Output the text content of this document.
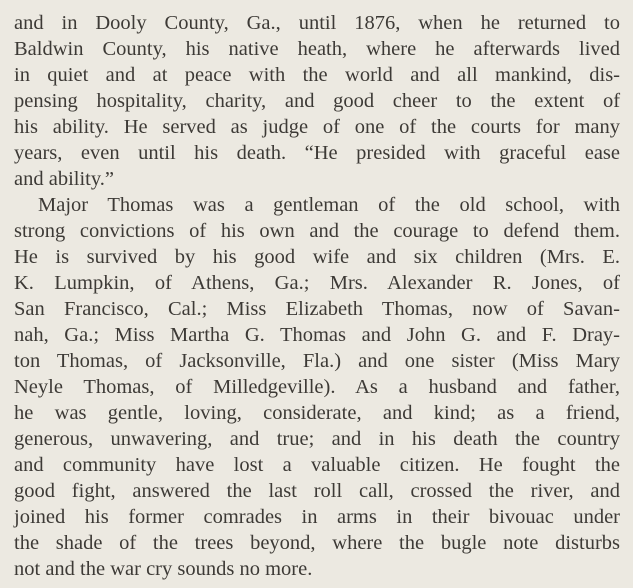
and in Dooly County, Ga., until 1876, when he returned to
Baldwin County, his native heath, where he afterwards lived
in quiet and at peace with the world and all mankind, dis-
pensing hospitality, charity, and good cheer to the extent of
his ability. He served as judge of one of the courts for many
years, even until his death. “He presided with graceful ease
and ability.”
Major Thomas was a gentleman of the old school, with
strong convictions of his own and the courage to defend them.
He is survived by his good wife and six children (Mrs. E.
K. Lumpkin, of Athens, Ga.; Mrs. Alexander R. Jones, of
San Francisco, Cal.; Miss Elizabeth Thomas, now of Savan-
nah, Ga.; Miss Martha G. Thomas and John G. and F. Dray-
ton Thomas, of Jacksonville, Fla.) and one sister (Miss Mary
Neyle Thomas, of Milledgeville). As a husband and father,
he was gentle, loving, considerate, and kind; as a friend,
generous, unwavering, and true; and in his death the country
and community have lost a valuable citizen. He fought the
good fight, answered the last roll call, crossed the river, and
joined his former comrades in arms in their bivouac under
the shade of the trees beyond, where the bugle note disturbs
not and the war cry sounds no more.
